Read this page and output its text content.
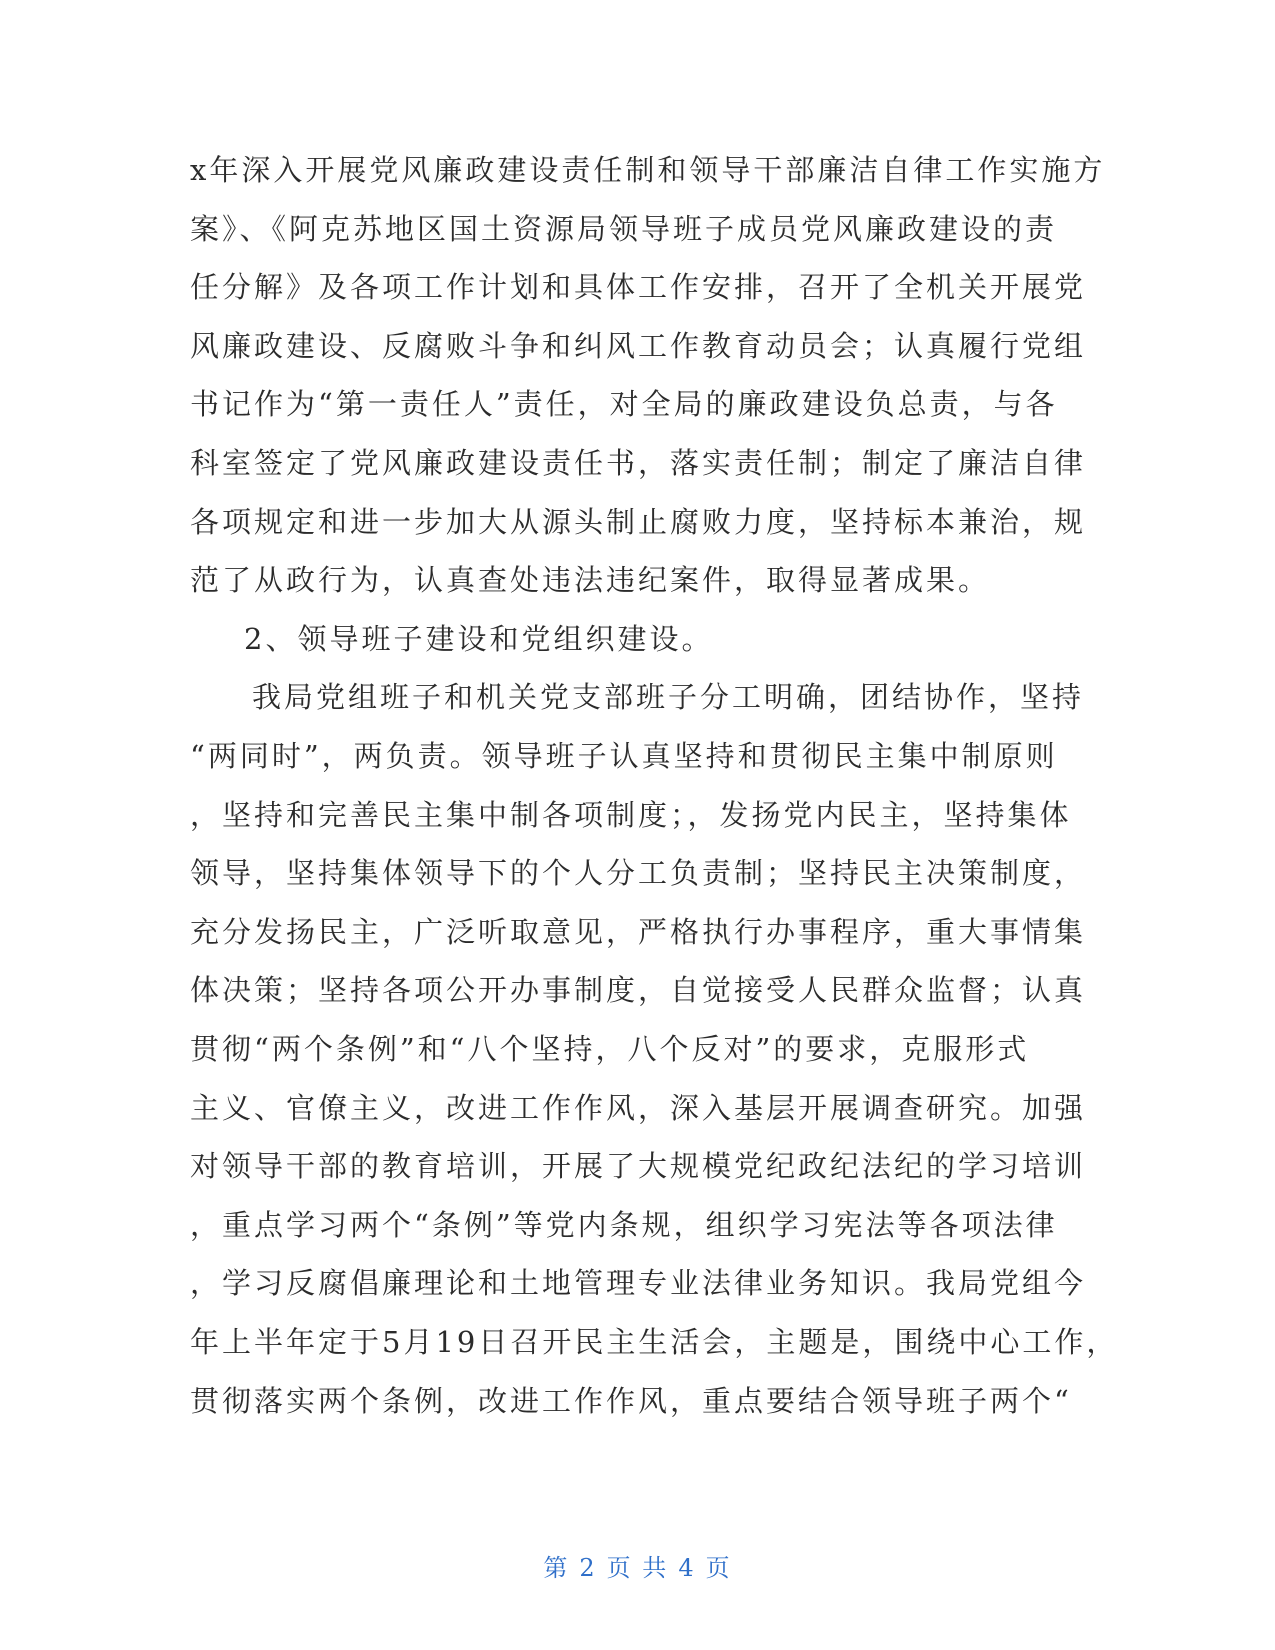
x年深入开展党风廉政建设责任制和领导干部廉洁自律工作实施方
案》、《阿克苏地区国土资源局领导班子成员党风廉政建设的责
任分解》及各项工作计划和具体工作安排，召开了全机关开展党
风廉政建设、反腐败斗争和纠风工作教育动员会；认真履行党组
书记作为“第一责任人”责任，对全局的廉政建设负总责，与各
科室签定了党风廉政建设责任书，落实责任制；制定了廉洁自律
各项规定和进一步加大从源头制止腐败力度，坚持标本兼治，规
范了从政行为，认真查处违法违纪案件，取得显著成果。
2、领导班子建设和党组织建设。
我局党组班子和机关党支部班子分工明确，团结协作，坚持
“两同时”，两负责。领导班子认真坚持和贯彻民主集中制原则
，坚持和完善民主集中制各项制度；，发扬党内民主，坚持集体
领导，坚持集体领导下的个人分工负责制；坚持民主决策制度，
充分发扬民主，广泛听取意见，严格执行办事程序，重大事情集
体决策；坚持各项公开办事制度，自觉接受人民群众监督；认真
贯彻“两个条例”和“八个坚持，八个反对”的要求，克服形式
主义、官僚主义，改进工作作风，深入基层开展调查研究。加强
对领导干部的教育培训，开展了大规模党纪政纪法纪的学习培训
，重点学习两个“条例”等党内条规，组织学习宪法等各项法律
，学习反腐倡廉理论和土地管理专业法律业务知识。我局党组今
年上半年定于5月19日召开民主生活会，主题是，围绕中心工作，
贯彻落实两个条例，改进工作作风，重点要结合领导班子两个“
第 2 页 共 4 页
